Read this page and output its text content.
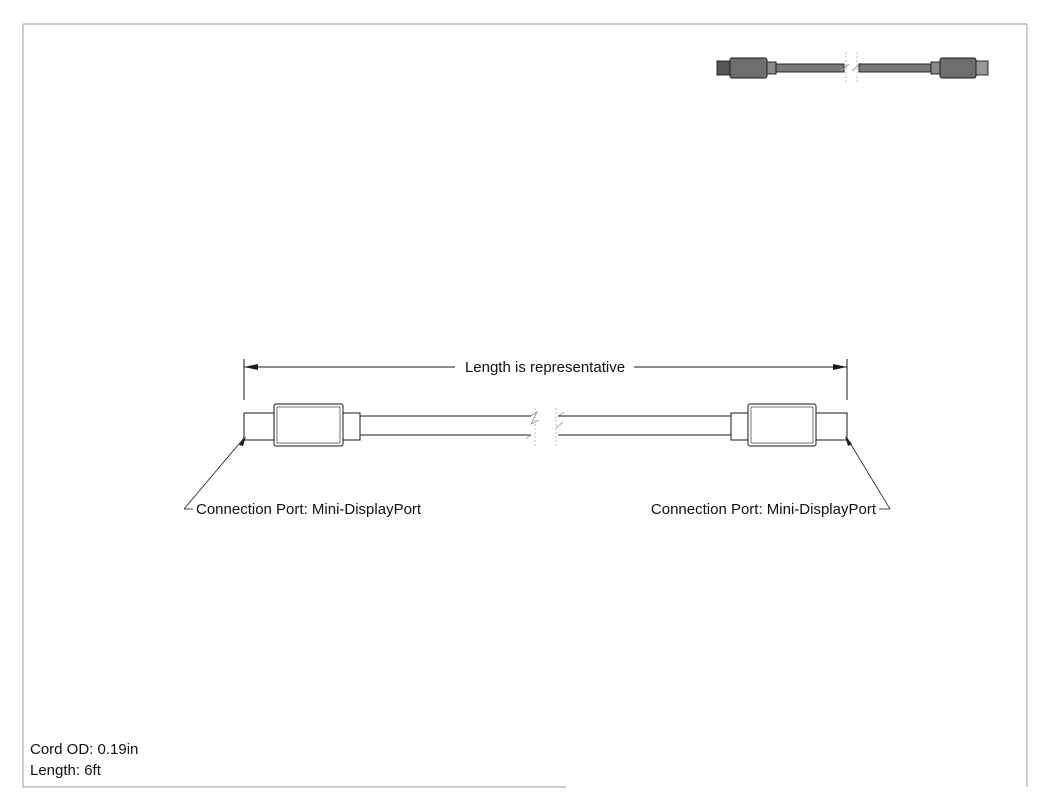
Length is representative
Connection Port: Mini-DisplayPort	Connection Port: Mini-DisplayPort
Cord OD: 0.19in
Length: 6ft
